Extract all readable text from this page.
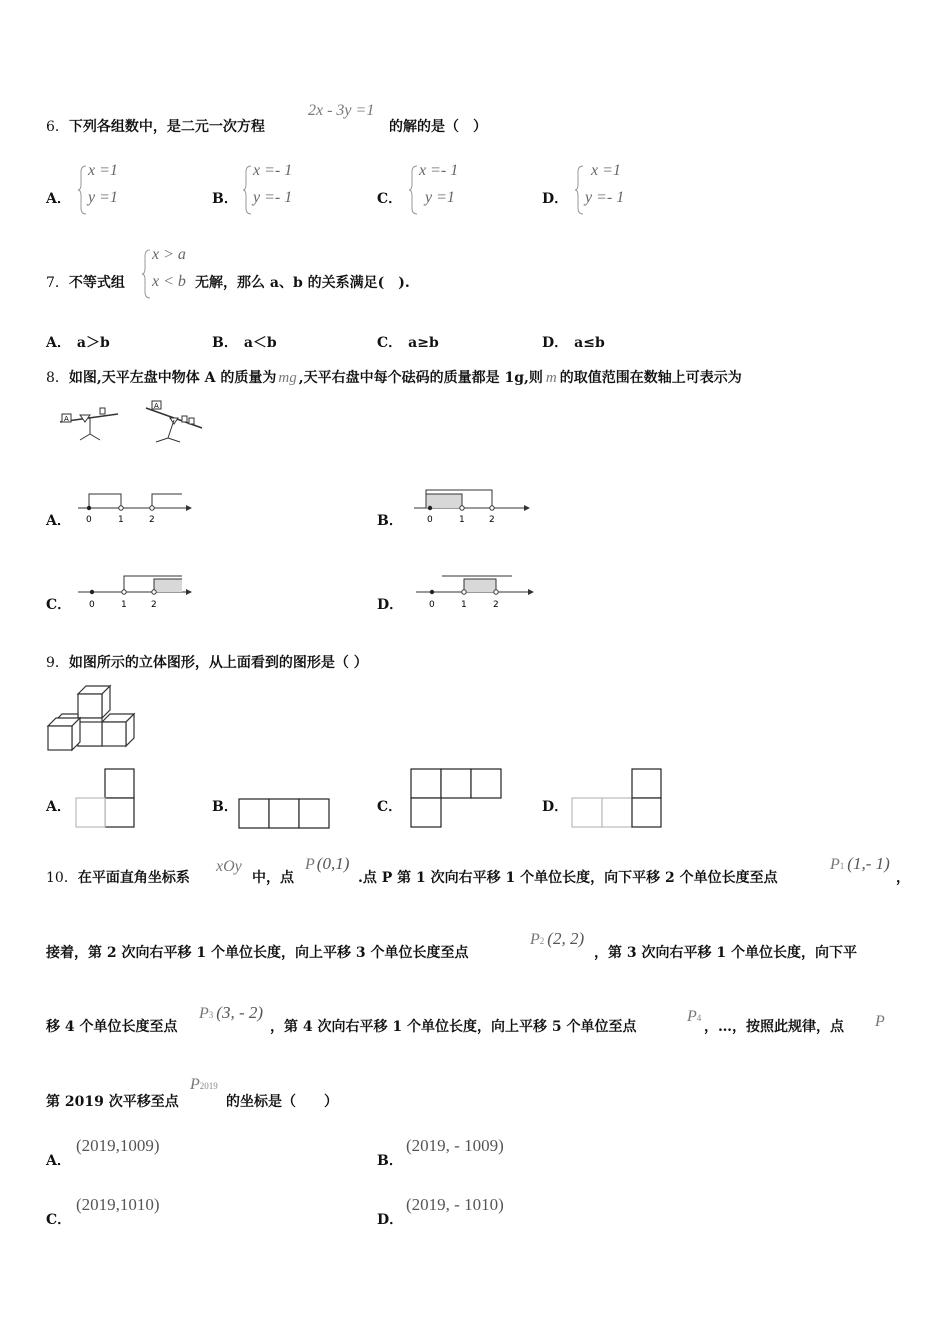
6．下列各组数中，是二元一次方程
2x - 3y =1
的解的是（　）
A．
x =1
y =1	B．
x =- 1
y =- 1	C．
x =- 1
y =1	D．
x =1
y =- 1
7．不等式组
x > a
x < b 无解，那么 a、b 的关系满足(　).
A． a＞b	B． a＜b	C． a≥b	D． a≤b
8．如图,天平左盘中物体 A 的质量为 mg ,天平右盘中每个砝码的质量都是 1g,则 m 的取值范围在数轴上可表示为
A
A
A． 0	1	2	B．	0	1	2
C． 0	1	2	D．	0	1	2
9．如图所示的立体图形，从上面看到的图形是（ ）
A．	B．	C．	D．
10．在平面直角坐标系
xOy
中，点
P (0,1)
.点 P 第 1 次向右平移 1 个单位长度，向下平移 2 个单位长度至点
P1 (1,- 1)
，
接着，第 2 次向右平移 1 个单位长度，向上平移 3 个单位长度至点
P2 (2, 2)
，第 3 次向右平移 1 个单位长度，向下平
移 4 个单位长度至点
P3 (3, - 2)
，第 4 次向右平移 1 个单位长度，向上平移 5 个单位至点
P4
，…，按照此规律，点 P
第 2019 次平移至点
P2019
的坐标是（　　）
A．
(2019,1009)
B．
(2019, - 1009)
C．
(2019,1010)
D．
(2019, - 1010)
